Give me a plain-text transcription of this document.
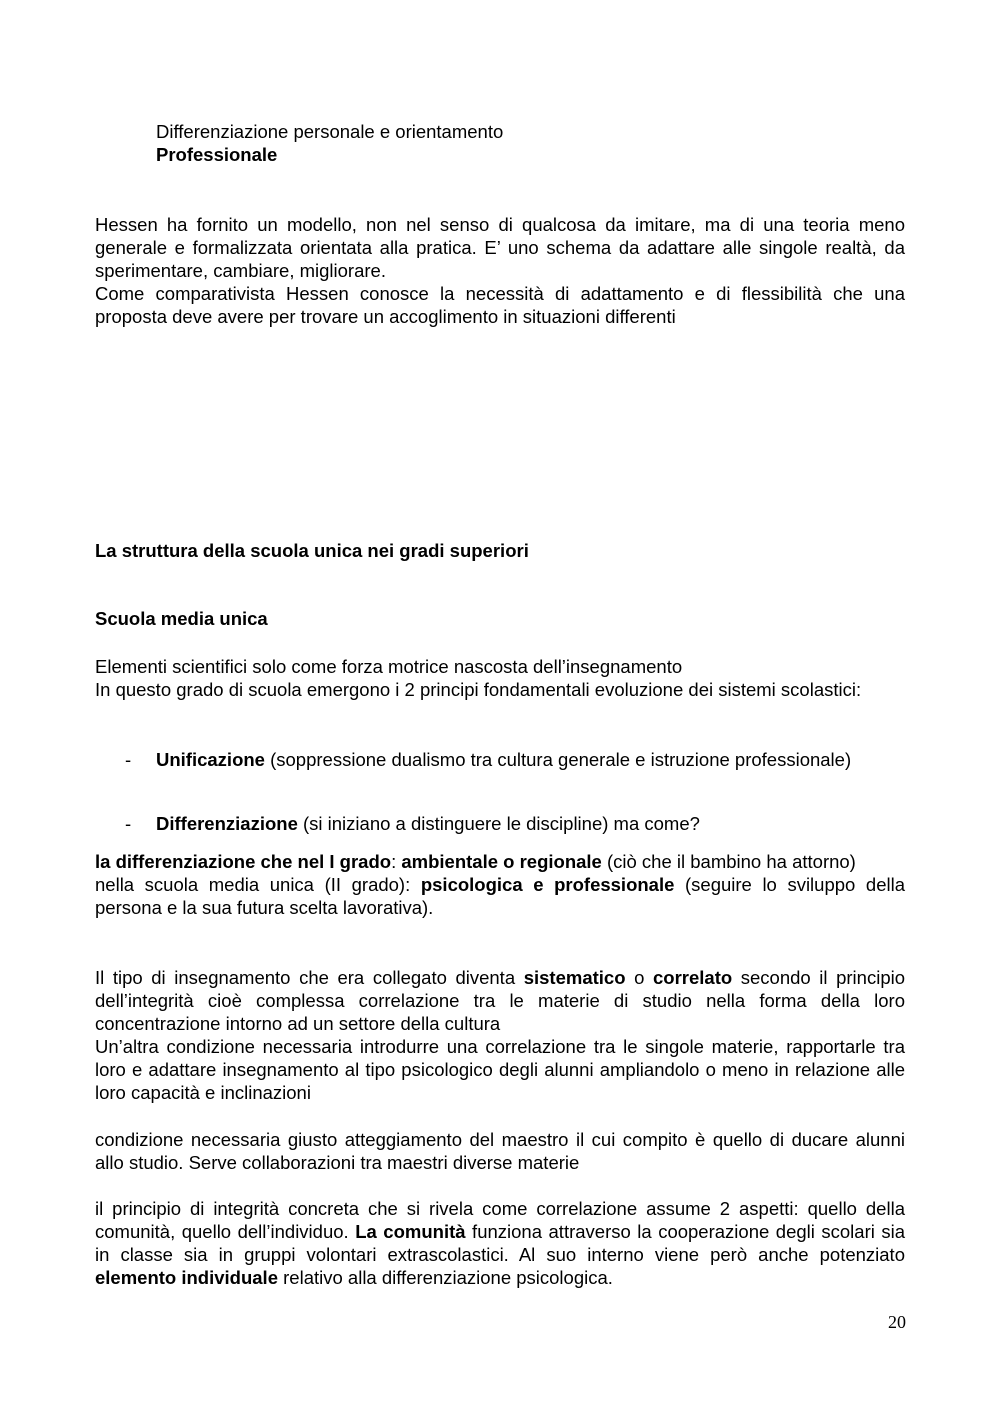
Differenziazione personale e orientamento

Professionale

Hessen ha fornito un modello, non nel senso di qualcosa da imitare, ma di una teoria meno generale e formalizzata orientata alla pratica. E’ uno schema da adattare alle singole realtà, da sperimentare, cambiare, migliorare.

Come comparativista Hessen conosce la necessità di adattamento e di flessibilità che una proposta deve avere per trovare un accoglimento in situazioni differenti

La struttura della scuola unica nei gradi superiori

Scuola media unica

Elementi scientifici solo come forza motrice nascosta dell’insegnamento

In questo grado di scuola emergono i 2 principi fondamentali evoluzione dei sistemi scolastici:

- Unificazione (soppressione dualismo tra cultura generale e istruzione professionale)

- Differenziazione (si iniziano a distinguere le discipline) ma come?

la differenziazione che nel I grado: ambientale o regionale (ciò che il bambino ha attorno)

nella scuola media unica (II grado): psicologica e professionale (seguire lo sviluppo della persona e la sua futura scelta lavorativa).

Il tipo di insegnamento che era collegato diventa sistematico o correlato secondo il principio dell’integrità cioè complessa correlazione tra le materie di studio nella forma della loro concentrazione intorno ad un settore della cultura

Un’altra condizione necessaria introdurre una correlazione tra le singole materie, rapportarle tra loro e adattare insegnamento al tipo psicologico degli alunni ampliandolo o meno in relazione alle loro capacità e inclinazioni

condizione necessaria giusto atteggiamento del maestro il cui compito è quello di ducare alunni allo studio. Serve collaborazioni tra maestri diverse materie

il principio di integrità concreta che si rivela come correlazione assume 2 aspetti: quello della comunità, quello dell’individuo. La comunità funziona attraverso la cooperazione degli scolari sia in classe sia in gruppi volontari extrascolastici. Al suo interno viene però anche potenziato elemento individuale relativo alla differenziazione psicologica.

20
